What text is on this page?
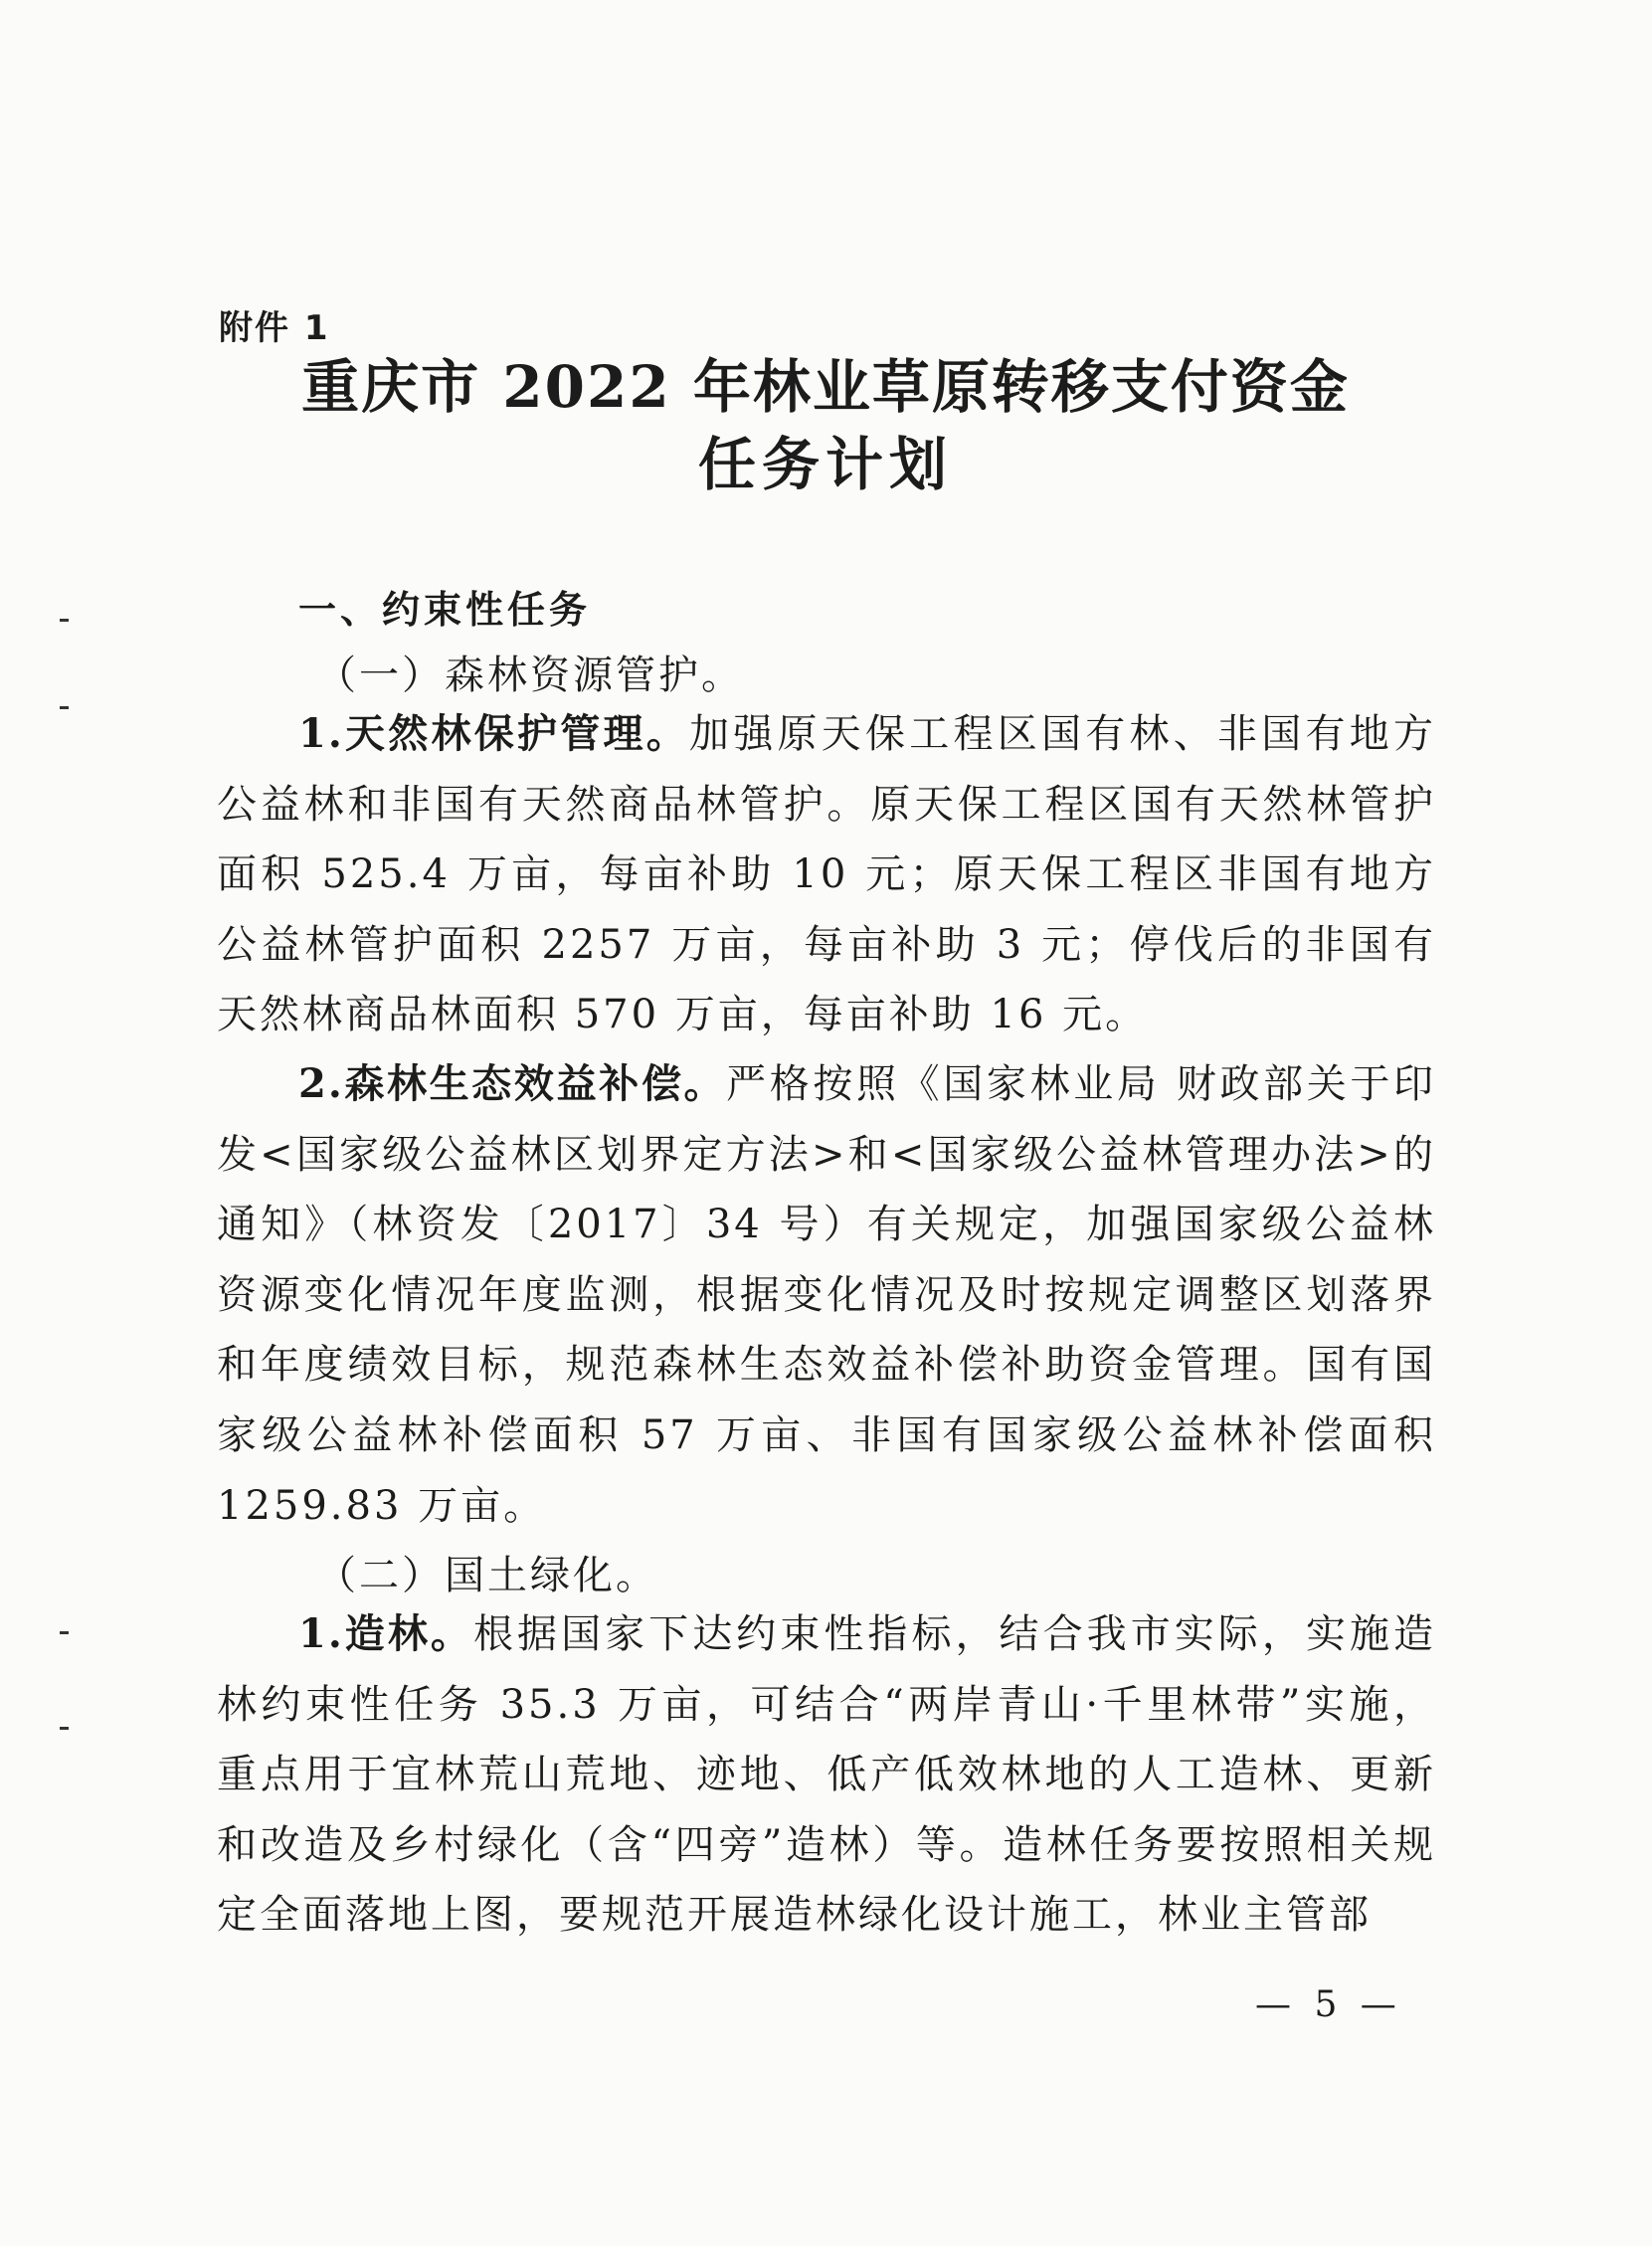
附件 1
重庆市 2022 年林业草原转移支付资金
任务计划
一、约束性任务

（一）森林资源管护。

1.天然林保护管理。加强原天保工程区国有林、非国有地方公益林和非国有天然商品林管护。原天保工程区国有天然林管护面积 525.4 万亩，每亩补助 10 元；原天保工程区非国有地方公益林管护面积 2257 万亩，每亩补助 3 元；停伐后的非国有天然林商品林面积 570 万亩，每亩补助 16 元。

2.森林生态效益补偿。严格按照《国家林业局 财政部关于印发<国家级公益林区划界定方法>和<国家级公益林管理办法>的通知》（林资发〔2017〕34 号）有关规定，加强国家级公益林资源变化情况年度监测，根据变化情况及时按规定调整区划落界和年度绩效目标，规范森林生态效益补偿补助资金管理。国有国家级公益林补偿面积 57 万亩、非国有国家级公益林补偿面积 1259.83 万亩。

（二）国土绿化。

1.造林。根据国家下达约束性指标，结合我市实际，实施造林约束性任务 35.3 万亩，可结合“两岸青山·千里林带”实施，重点用于宜林荒山荒地、迹地、低产低效林地的人工造林、更新和改造及乡村绿化（含“四旁”造林）等。造林任务要按照相关规定全面落地上图，要规范开展造林绿化设计施工，林业主管部

— 5 —
